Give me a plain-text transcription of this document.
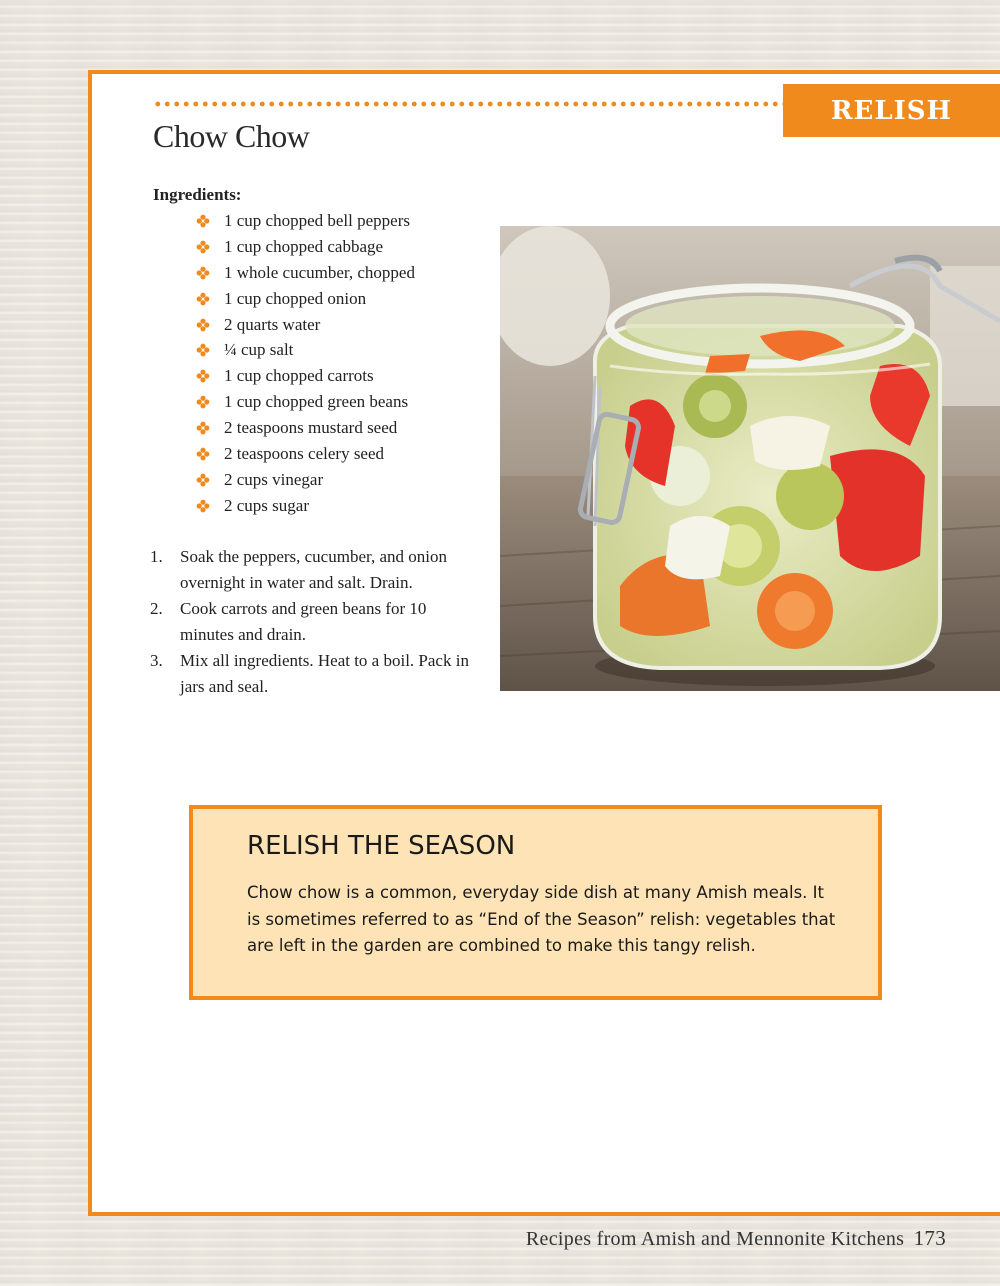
RELISH
Chow Chow
Ingredients:
1 cup chopped bell peppers
1 cup chopped cabbage
1 whole cucumber, chopped
1 cup chopped onion
2 quarts water
¼ cup salt
1 cup chopped carrots
1 cup chopped green beans
2 teaspoons mustard seed
2 teaspoons celery seed
2 cups vinegar
2 cups sugar
1.	Soak the peppers, cucumber, and onion overnight in water and salt. Drain.
2.	Cook carrots and green beans for 10 minutes and drain.
3.	Mix all ingredients. Heat to a boil. Pack in jars and seal.
RELISH THE SEASON

Chow chow is a common, everyday side dish at many Amish meals. It is sometimes referred to as “End of the Season” relish: vegetables that are left in the garden are combined to make this tangy relish.

Recipes from Amish and Mennonite Kitchens 173
